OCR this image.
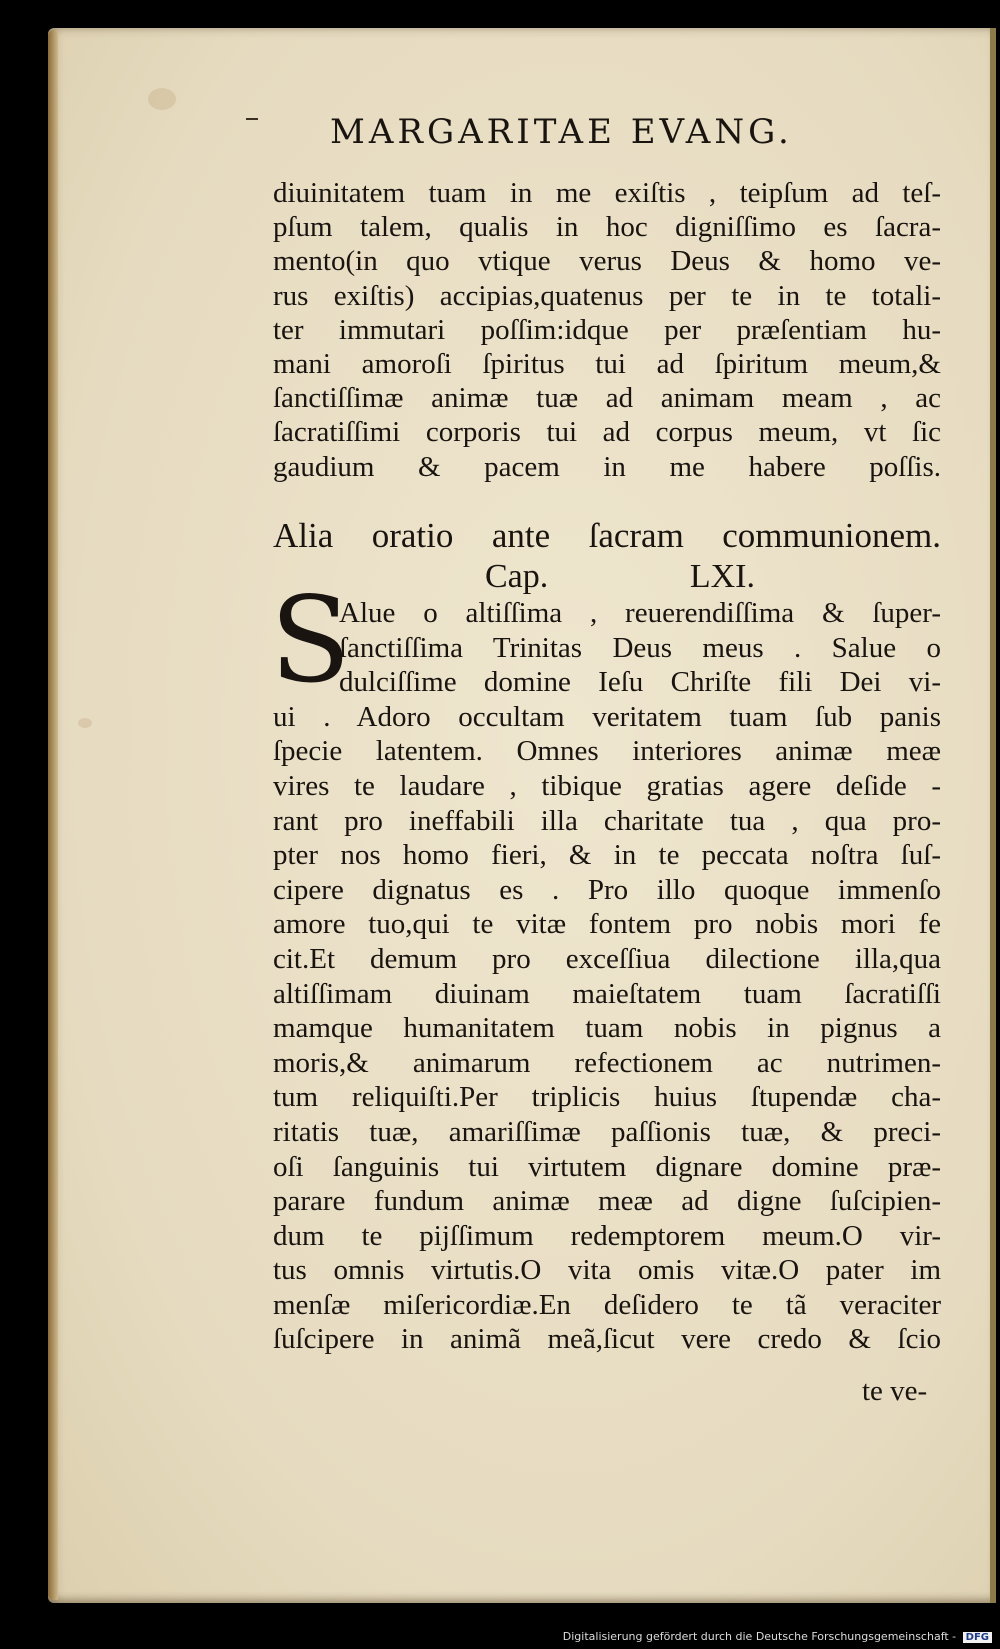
MARGARITAE EVANG.
diuinitatem tuam in me exiſtis , teipſum ad teſ-
pſum talem, qualis in hoc digniſſimo es ſacra-
mento(in quo vtique verus Deus & homo ve-
rus exiſtis) accipias,quatenus per te in te totali-
ter immutari poſſim:idque per præſentiam hu-
mani amoroſi ſpiritus tui ad ſpiritum meum,&
ſanctiſſimæ animæ tuæ ad animam meam , ac
ſacratiſſimi corporis tui ad corpus meum, vt ſic
gaudium & pacem in me habere poſſis.
Alia oratio ante ſacram communionem.
Cap.	LXI.
S
Alue o altiſſima , reuerendiſſima & ſuper-
ſanctiſſima Trinitas Deus meus . Salue o
dulciſſime domine Ieſu Chriſte fili Dei vi-
ui . Adoro occultam veritatem tuam ſub panis
ſpecie latentem. Omnes interiores animæ meæ
vires te laudare , tibique gratias agere deſide -
rant pro ineffabili illa charitate tua , qua pro-
pter nos homo fieri, & in te peccata noſtra ſuſ-
cipere dignatus es . Pro illo quoque immenſo
amore tuo,qui te vitæ fontem pro nobis mori fe
cit.Et demum pro exceſſiua dilectione illa,qua
altiſſimam diuinam maieſtatem tuam ſacratiſſi
mamque humanitatem tuam nobis in pignus a
moris,& animarum refectionem ac nutrimen-
tum reliquiſti.Per triplicis huius ſtupendæ cha-
ritatis tuæ, amariſſimæ paſſionis tuæ, & preci-
oſi ſanguinis tui virtutem dignare domine præ-
parare fundum animæ meæ ad digne ſuſcipien-
dum te pijſſimum redemptorem meum.O vir-
tus omnis virtutis.O vita omis vitæ.O pater im
menſæ miſericordiæ.En deſidero te tã veraciter
ſuſcipere in animã meã,ſicut vere credo & ſcio
te ve-
Digitalisierung gefördert durch die Deutsche Forschungsgemeinschaft - DFG
